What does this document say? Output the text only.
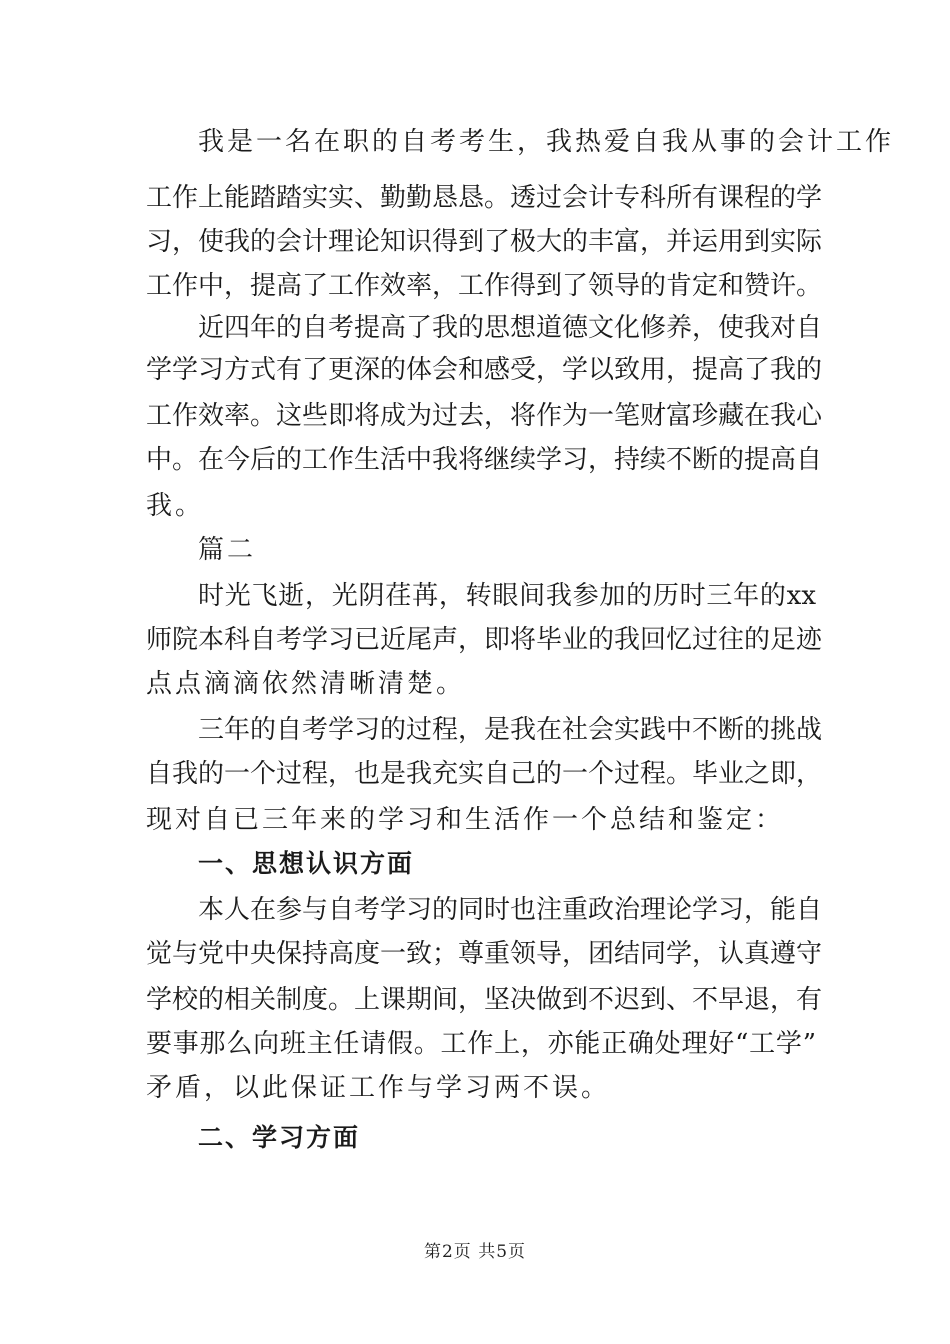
我是一名在职的自考考生，我热爱自我从事的会计工作
工作上能踏踏实实、勤勤恳恳。透过会计专科所有课程的学
习，使我的会计理论知识得到了极大的丰富，并运用到实际
工作中，提高了工作效率，工作得到了领导的肯定和赞许。
近四年的自考提高了我的思想道德文化修养，使我对自
学学习方式有了更深的体会和感受，学以致用，提高了我的
工作效率。这些即将成为过去，将作为一笔财富珍藏在我心
中。在今后的工作生活中我将继续学习，持续不断的提高自
我。
篇二
时光飞逝，光阴荏苒，转眼间我参加的历时三年的xx
师院本科自考学习已近尾声，即将毕业的我回忆过往的足迹
点点滴滴依然清晰清楚。
三年的自考学习的过程，是我在社会实践中不断的挑战
自我的一个过程，也是我充实自己的一个过程。毕业之即，
现对自已三年来的学习和生活作一个总结和鉴定：
一、思想认识方面
本人在参与自考学习的同时也注重政治理论学习，能自
觉与党中央保持高度一致；尊重领导，团结同学，认真遵守
学校的相关制度。上课期间，坚决做到不迟到、不早退，有
要事那么向班主任请假。工作上，亦能正确处理好“工学”
矛盾，以此保证工作与学习两不误。
二、学习方面
第2页 共5页
